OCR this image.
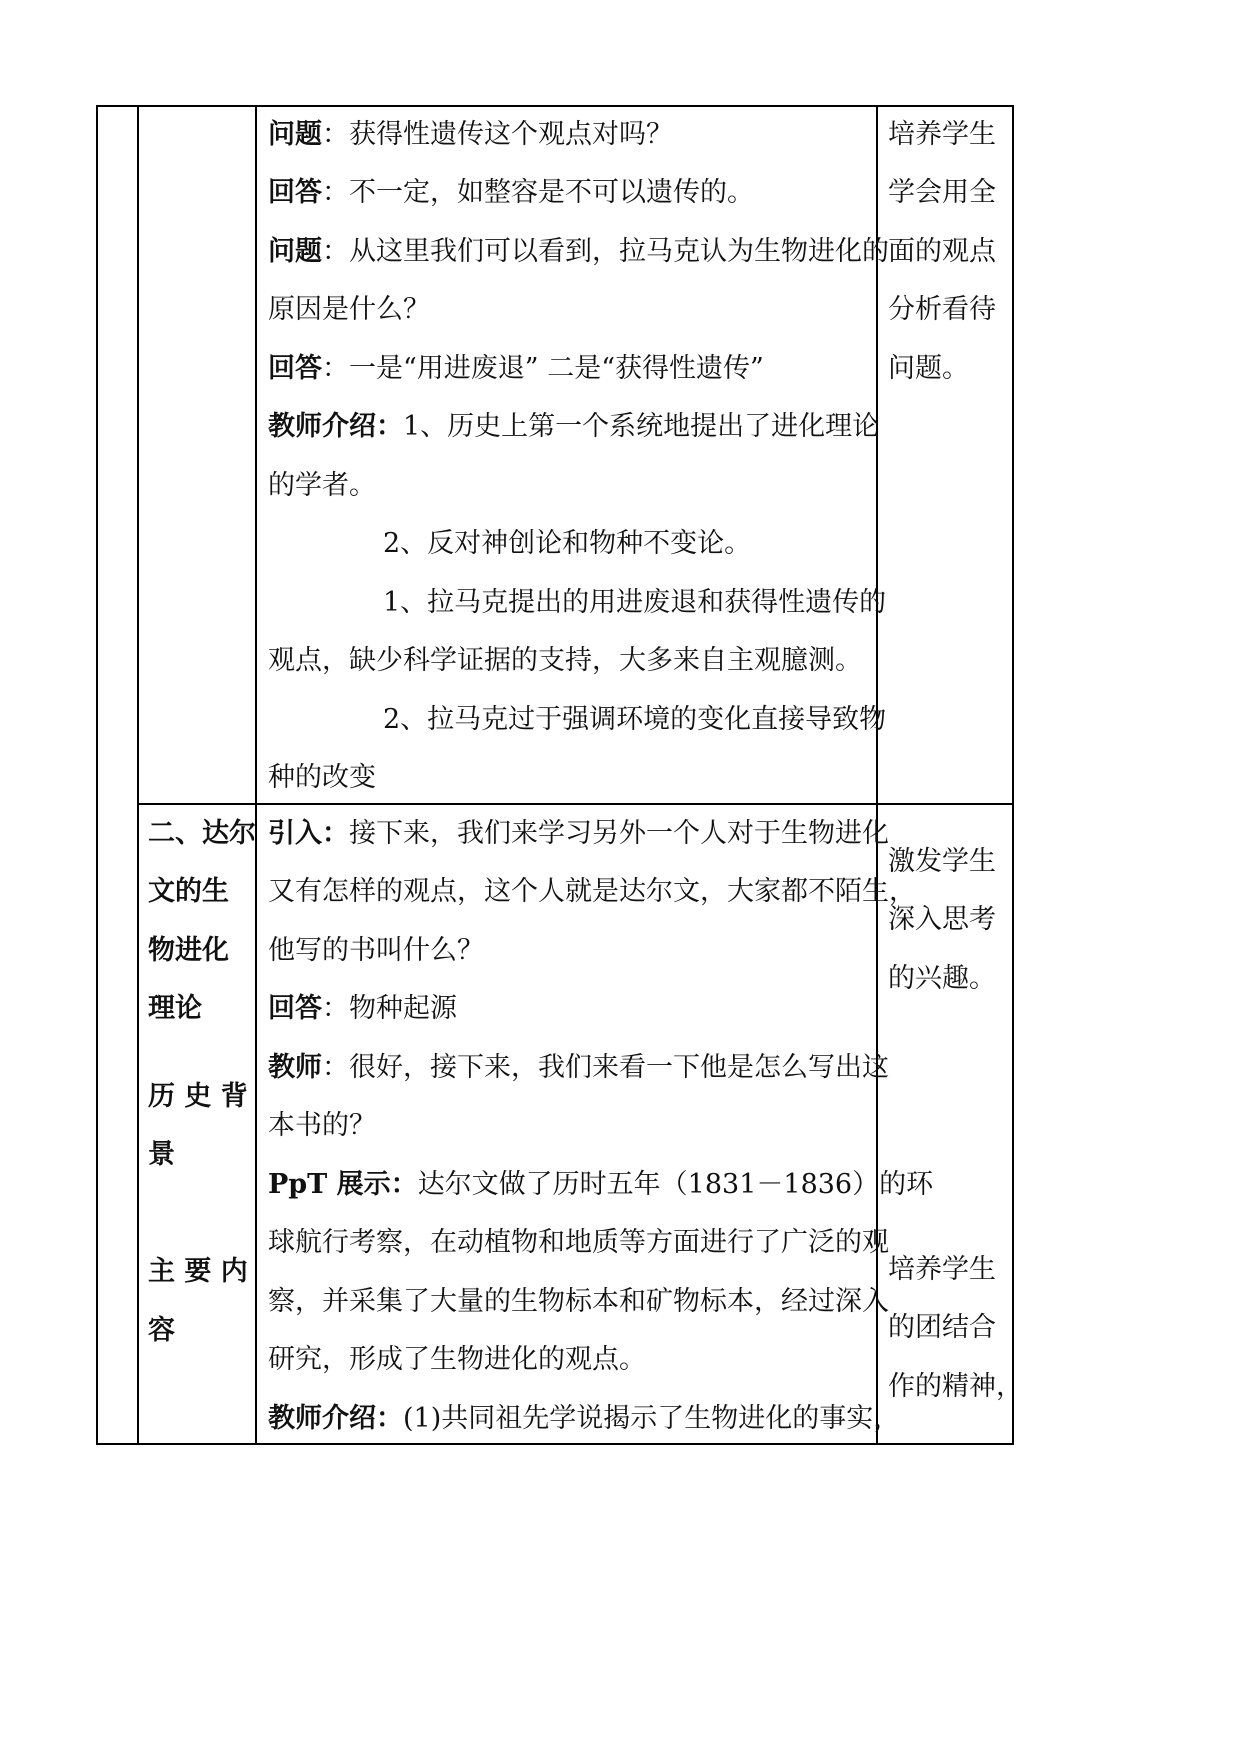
问题：获得性遗传这个观点对吗？
回答：不一定，如整容是不可以遗传的。
问题：从这里我们可以看到，拉马克认为生物进化的
原因是什么？
回答：一是“用进废退” 二是“获得性遗传”
教师介绍：1、历史上第一个系统地提出了进化理论
的学者。
2、反对神创论和物种不变论。
1、拉马克提出的用进废退和获得性遗传的
观点，缺少科学证据的支持，大多来自主观臆测。
2、拉马克过于强调环境的变化直接导致物
种的改变
培养学生
学会用全
面的观点
分析看待
问题。
二、达尔
文的生
物进化
理论
历 史 背
景
主 要 内
容
引入：接下来，我们来学习另外一个人对于生物进化
又有怎样的观点，这个人就是达尔文，大家都不陌生，
他写的书叫什么？
回答：物种起源
教师：很好，接下来，我们来看一下他是怎么写出这
本书的？
PpT 展示：达尔文做了历时五年（1831－1836）的环
球航行考察，在动植物和地质等方面进行了广泛的观
察，并采集了大量的生物标本和矿物标本，经过深入
研究，形成了生物进化的观点。
教师介绍：(1)共同祖先学说揭示了生物进化的事实，
激发学生
深入思考
的兴趣。
培养学生
的团结合
作的精神，
